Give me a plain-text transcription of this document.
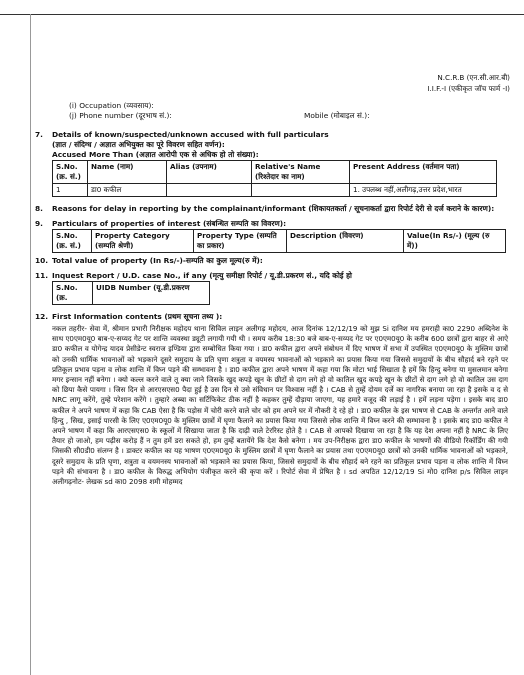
N.C.R.B (एन.सी.आर.बी)
I.I.F.-I (एकीकृत जॉच फार्म -I)
(i) Occupation (व्यवसाय):
(j) Phone number (दूरभाष सं.):	Mobile (मोबाइल सं.):
7. Details of known/suspected/unknown accused with full particulars
(ज्ञात / संदिग्ध / अज्ञात अभियुक्त का पूरे विवरण सहित वर्णन):
Accused More Than (अज्ञात आरोपी एक से अधिक हो तो संख्या):
S.No.(क्र. सं.)	Name (नाम)	Alias (उपनाम)	Relative's Name (रिश्तेदार का नाम)	Present Address (वर्तमान पता)
1	डा0 कफील			1. उपलब्ध नहीं,अलीगढ़,उत्तर प्रदेश,भारत
8. Reasons for delay in reporting by the complainant/informant (शिकायतकर्ता / सूचनाकर्ता द्वारा रिपोर्ट देरी से दर्ज कराने के कारण):
9. Particulars of properties of interest (संबन्धित सम्पति का विवरण):
S.No. (क्र. सं.)	Property Category (सम्पति श्रेणी)	Property Type (सम्पति का प्रकार)	Description (विवरण)	Value(In Rs/-) (मूल्य (रु में))
10. Total value of property (In Rs/-)-सम्पति का कुल मूल्य(रु में):
11. Inquest Report / U.D. case No., if any (मृत्यु समीक्षा रिपोर्ट / यू.डी.प्रकरण सं., यदि कोई हो
S.No. (क्र.	UIDB Number (यू.डी.प्रकरण
12. First Information contents (प्रथम सूचना तथ्य ):
नकल तहरीर- सेवा में, श्रीमान प्रभारी निरीक्षक महोदय थाना सिविल लाइन अलीगढ़ महोदय, आज दिनांक 12/12/19 को मुझ Si दानिश मय हमराही का0 2290 अब्दिनेश के साथ ए0एम0यू0 बाब-ए-सय्यद गेट पर शान्ति व्यवस्था ड्यूटी लगायी गयी थी । समय करीब 18:30 बजे बाब-ए-सय्यद गेट पर ए0एम0यू0 के करीब 600 छात्रों द्वारा बाहर से आऐ डा0 कफील व योगेन्द्र यादव प्रेसीडेन्ट स्वराज इण्डिया द्वारा सम्बोधित किया गया । डा0 कफील द्वारा अपने संबोधन में दिए भाषण में सभा में उपस्थित ए0एम0यू0 के मुस्लिम छात्रों को उनकी धार्मिक भावनाओं को भड़काने दूसरे समुदाय के प्रति घृणा शत्रुता व वयमस्य भावनाओं को भड़काने का प्रयास किया गया जिससे समुदायों के बीच सौहार्द बने रहने पर प्रतिकूल प्रभाव पड़ना व लोक शान्ति में विघ्न पड़ने की सम्भावना है । डा0 कफील द्वारा अपने भाषण में कहा गया कि मोटा भाई सिखाता है हमें कि हिन्दु बनेगा या मुसलमान बनेगा मगर इन्सान नहीं बनेगा । क्यो कल्ल करने वाले तू क्या जाने जिसके खुद कपड़े खून के छीटों से दाग लगे हो वो कातिल खुद कपड़े खून के छीटों से दाग लगे हो वो कातिल उस दाग को छिपा कैसे पायगा । जिस दिन से आरएसएस0 पैदा हुई है उस दिन से उसे संविधान पर विश्वास नहीं है । CAB से तुम्हें दोयम दर्जे का नागरिक बनाया जा रहा है इसके व द से NRC लागू करेंगे, तुम्हे परेशान करेंगे । तुम्हारे अब्बा का सर्टिफिकेट ठीक नहीं है कहकर तुम्हें दौड़ाया जाएगा, यह हमारे वजूद की लड़ाई है । हमें लड़ना पड़ेगा । इसके बाद डा0 कफील ने अपने भाषण में कहा कि CAB ऐसा है कि पड़ोस में चोरी करने वाले चोर को हम अपने घर में नौकरी दे रहे हो । डा0 कफील के इस भाषण से CAB के अन्तर्गत आने वाले हिन्दु , सिख, इसाई पारसी के लिए ए0एम0यू0 के मुस्लिम छात्रों में घृणा फैलाने का प्रयास किया गया जिससे लोक शान्ति में विघ्न करने की सम्भावना है । इसके बाद डा0 कफील ने अपने भाषण में कहा कि आरएसएस0 के स्कूलों में सिखाया जाता है कि दाढ़ी वाले टेररिस्ट होते है । CAB से आपको दिखाया जा रहा है कि यह देश अपना नहीं है NRC के लिए तैयार हो जाओ, हम पढ़ीस करोड़ हैं न तुम हमें डरा सकते हो, हम तुम्हें बतायेंगे कि देश कैसे बनेगा । मय उप-निरीक्षक द्वारा डा0 कफील के भाषणों की वीडियो रिकॉर्डिंग की गयी जिसकी सी0डी0 संलग्न है । डाक्टर कफील का यह भाषण ए0एम0यू0 के मुस्लिम छात्रों में घृणा फैलाने का प्रयास तथा ए0एम0यू0 छात्रों को उनकी धार्मिक भावनाओं को भड़काने, दूसरे समुदाय के प्रति घृणा, शत्रुता व वयमनस्य भावनाओं को भड़काने का प्रयास किया, जिससे समुदायों के बीच सौहार्द बने रहने का प्रतिकूल प्रभाव पड़ना व लोक शान्ति में विघ्न पड़ने की संभावना है । डा0 कफील के विरुद्ध अभियोग पंजीकृत करने की कृपा करें । रिपोर्ट सेवा में प्रेषित है । sd अपठित 12/12/19 Si मो0 दानिश p/s सिविल लाइन अलीगढ़नोट- लेखक sd का0 2098 शमी मोहम्मद
